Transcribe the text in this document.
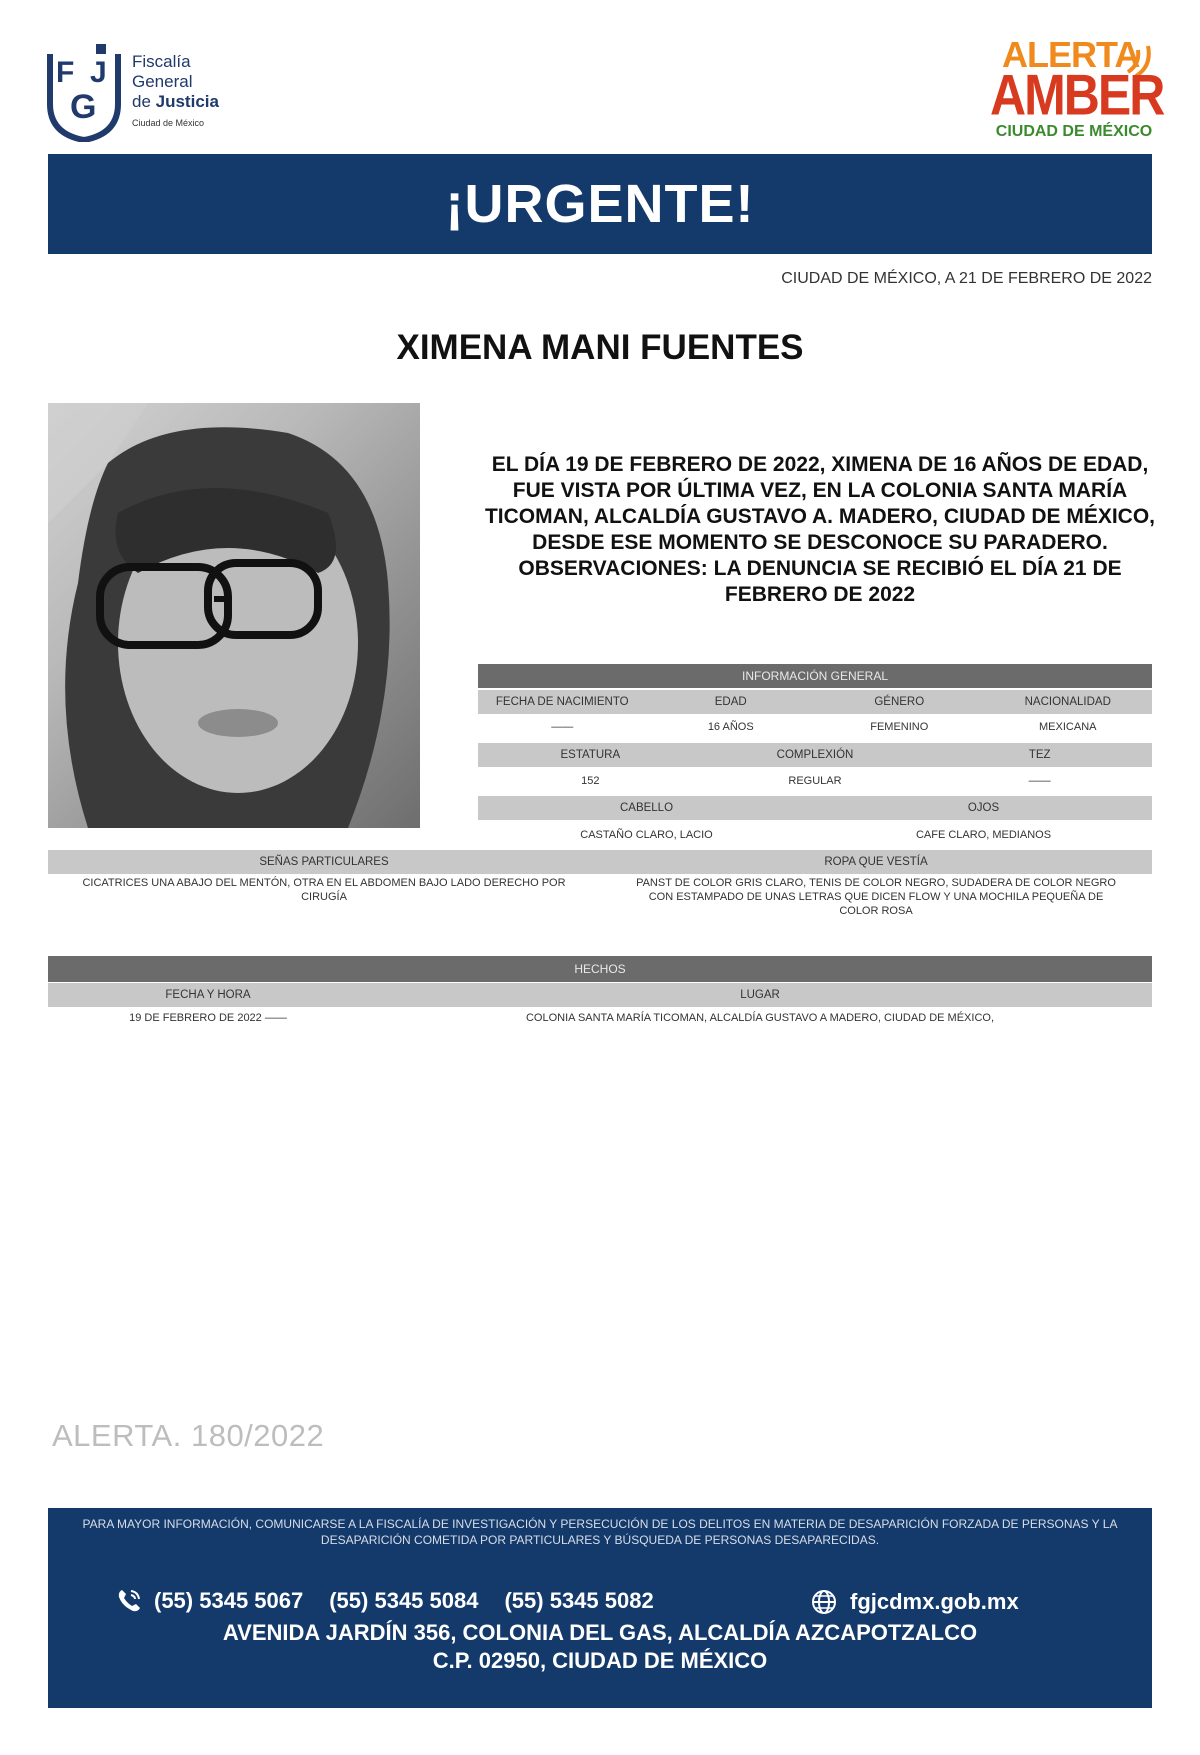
F J
G
Fiscalía
General
de Justicia
Ciudad de México
ALERTA
AMBER
CIUDAD DE MÉXICO
¡URGENTE!
CIUDAD DE MÉXICO, A 21 DE FEBRERO DE 2022
XIMENA MANI FUENTES
EL DÍA 19 DE FEBRERO DE 2022, XIMENA DE 16 AÑOS DE EDAD, FUE VISTA POR ÚLTIMA VEZ, EN LA COLONIA SANTA MARÍA TICOMAN, ALCALDÍA GUSTAVO A. MADERO, CIUDAD DE MÉXICO, DESDE ESE MOMENTO SE DESCONOCE SU PARADERO. OBSERVACIONES: LA DENUNCIA SE RECIBIÓ EL DÍA 21 DE FEBRERO DE 2022
INFORMACIÓN GENERAL
FECHA DE NACIMIENTO	EDAD	GÉNERO	NACIONALIDAD
——	16 AÑOS	FEMENINO	MEXICANA
ESTATURA	COMPLEXIÓN	TEZ
152	REGULAR	——
CABELLO	OJOS
CASTAÑO CLARO, LACIO	CAFE CLARO, MEDIANOS
SEÑAS PARTICULARES	ROPA QUE VESTÍA
CICATRICES UNA ABAJO DEL MENTÓN, OTRA EN EL ABDOMEN BAJO LADO DERECHO POR CIRUGÍA
PANST DE COLOR GRIS CLARO, TENIS DE COLOR NEGRO, SUDADERA DE COLOR NEGRO CON ESTAMPADO DE UNAS LETRAS QUE DICEN FLOW Y UNA MOCHILA PEQUEÑA DE COLOR ROSA
HECHOS
FECHA Y HORA	LUGAR
19 DE FEBRERO DE 2022 ——	COLONIA SANTA MARÍA TICOMAN, ALCALDÍA GUSTAVO A MADERO, CIUDAD DE MÉXICO,
ALERTA. 180/2022
PARA MAYOR INFORMACIÓN, COMUNICARSE A LA FISCALÍA DE INVESTIGACIÓN Y PERSECUCIÓN DE LOS DELITOS EN MATERIA DE DESAPARICIÓN FORZADA DE PERSONAS Y LA DESAPARICIÓN COMETIDA POR PARTICULARES Y BÚSQUEDA DE PERSONAS DESAPARECIDAS.
(55) 5345 5067 (55) 5345 5084 (55) 5345 5082	fgjcdmx.gob.mx
AVENIDA JARDÍN 356, COLONIA DEL GAS, ALCALDÍA AZCAPOTZALCO
C.P. 02950, CIUDAD DE MÉXICO
